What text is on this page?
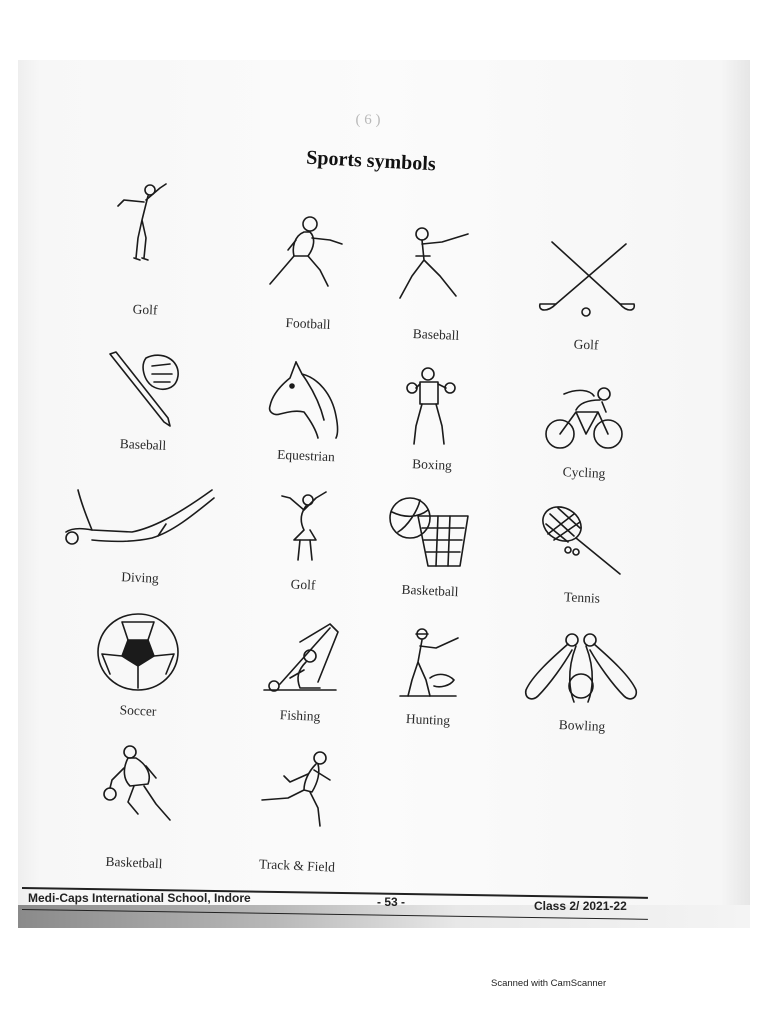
( 6 )
Sports symbols
Golf
Football
Baseball
Golf
Baseball
Equestrian
Boxing	Cycling
Diving	Golf	Basketball	Tennis
Soccer	Fishing	Hunting	Bowling
Basketball	Track & Field
Medi-Caps International School, Indore	- 53 -	Class 2/ 2021-22
Scanned with CamScanner
